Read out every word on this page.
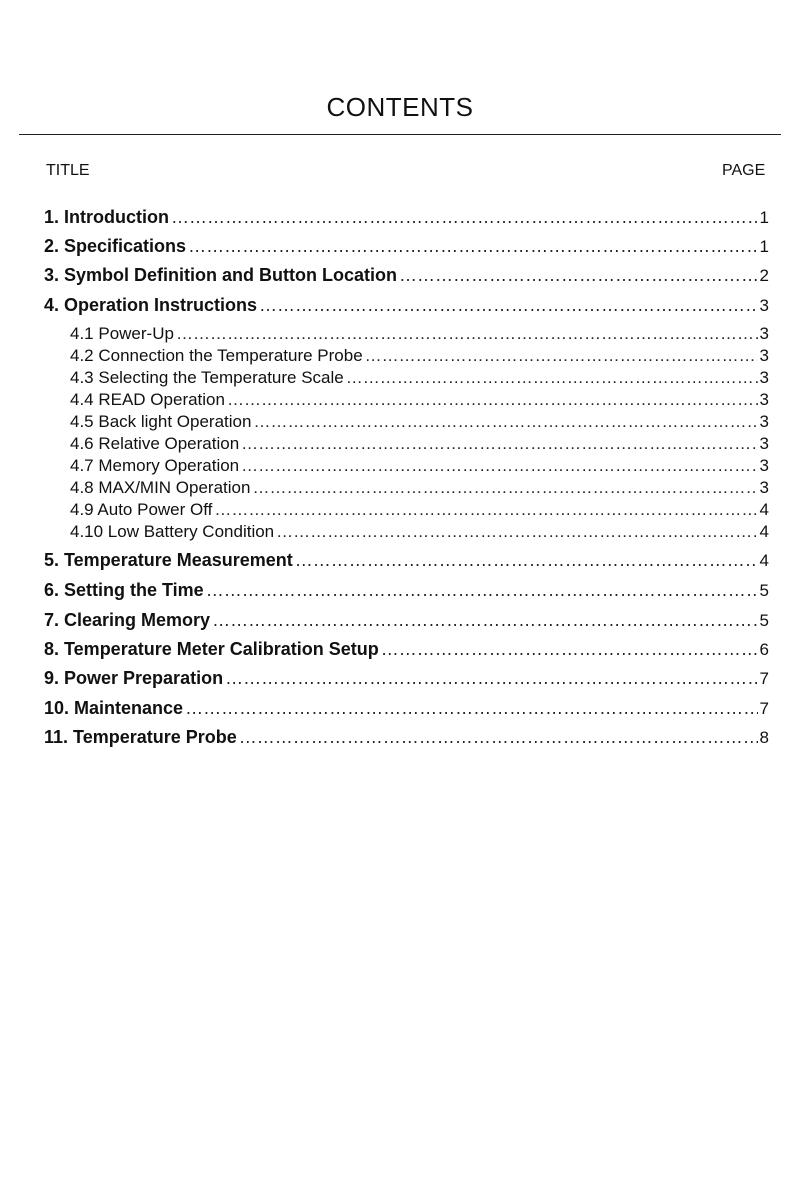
CONTENTS
TITLE	PAGE
1. Introduction …………………………………………………………………………………………………………………………………………………………………………………………	1
2. Specifications …………………………………………………………………………………………………………………………………………………………………………………………	1
3. Symbol Definition and Button Location …………………………………………………………………………………………………………………………………………………………………………………………	2
4. Operation Instructions …………………………………………………………………………………………………………………………………………………………………………………………	3
4.1 Power-Up …………………………………………………………………………………………………………………………………………………………………………………………	3
4.2 Connection the Temperature Probe …………………………………………………………………………………………………………………………………………………………………………………………	3
4.3 Selecting the Temperature Scale …………………………………………………………………………………………………………………………………………………………………………………………	3
4.4 READ Operation …………………………………………………………………………………………………………………………………………………………………………………………	3
4.5 Back light Operation …………………………………………………………………………………………………………………………………………………………………………………………	3
4.6 Relative Operation …………………………………………………………………………………………………………………………………………………………………………………………	3
4.7 Memory Operation …………………………………………………………………………………………………………………………………………………………………………………………	3
4.8 MAX/MIN Operation …………………………………………………………………………………………………………………………………………………………………………………………	3
4.9 Auto Power Off …………………………………………………………………………………………………………………………………………………………………………………………	4
4.10 Low Battery Condition …………………………………………………………………………………………………………………………………………………………………………………………	4
5. Temperature Measurement …………………………………………………………………………………………………………………………………………………………………………………………	4
6. Setting the Time …………………………………………………………………………………………………………………………………………………………………………………………	5
7. Clearing Memory …………………………………………………………………………………………………………………………………………………………………………………………	5
8. Temperature Meter Calibration Setup …………………………………………………………………………………………………………………………………………………………………………………………	6
9. Power Preparation …………………………………………………………………………………………………………………………………………………………………………………………	7
10. Maintenance …………………………………………………………………………………………………………………………………………………………………………………………	7
11. Temperature Probe …………………………………………………………………………………………………………………………………………………………………………………………	8
